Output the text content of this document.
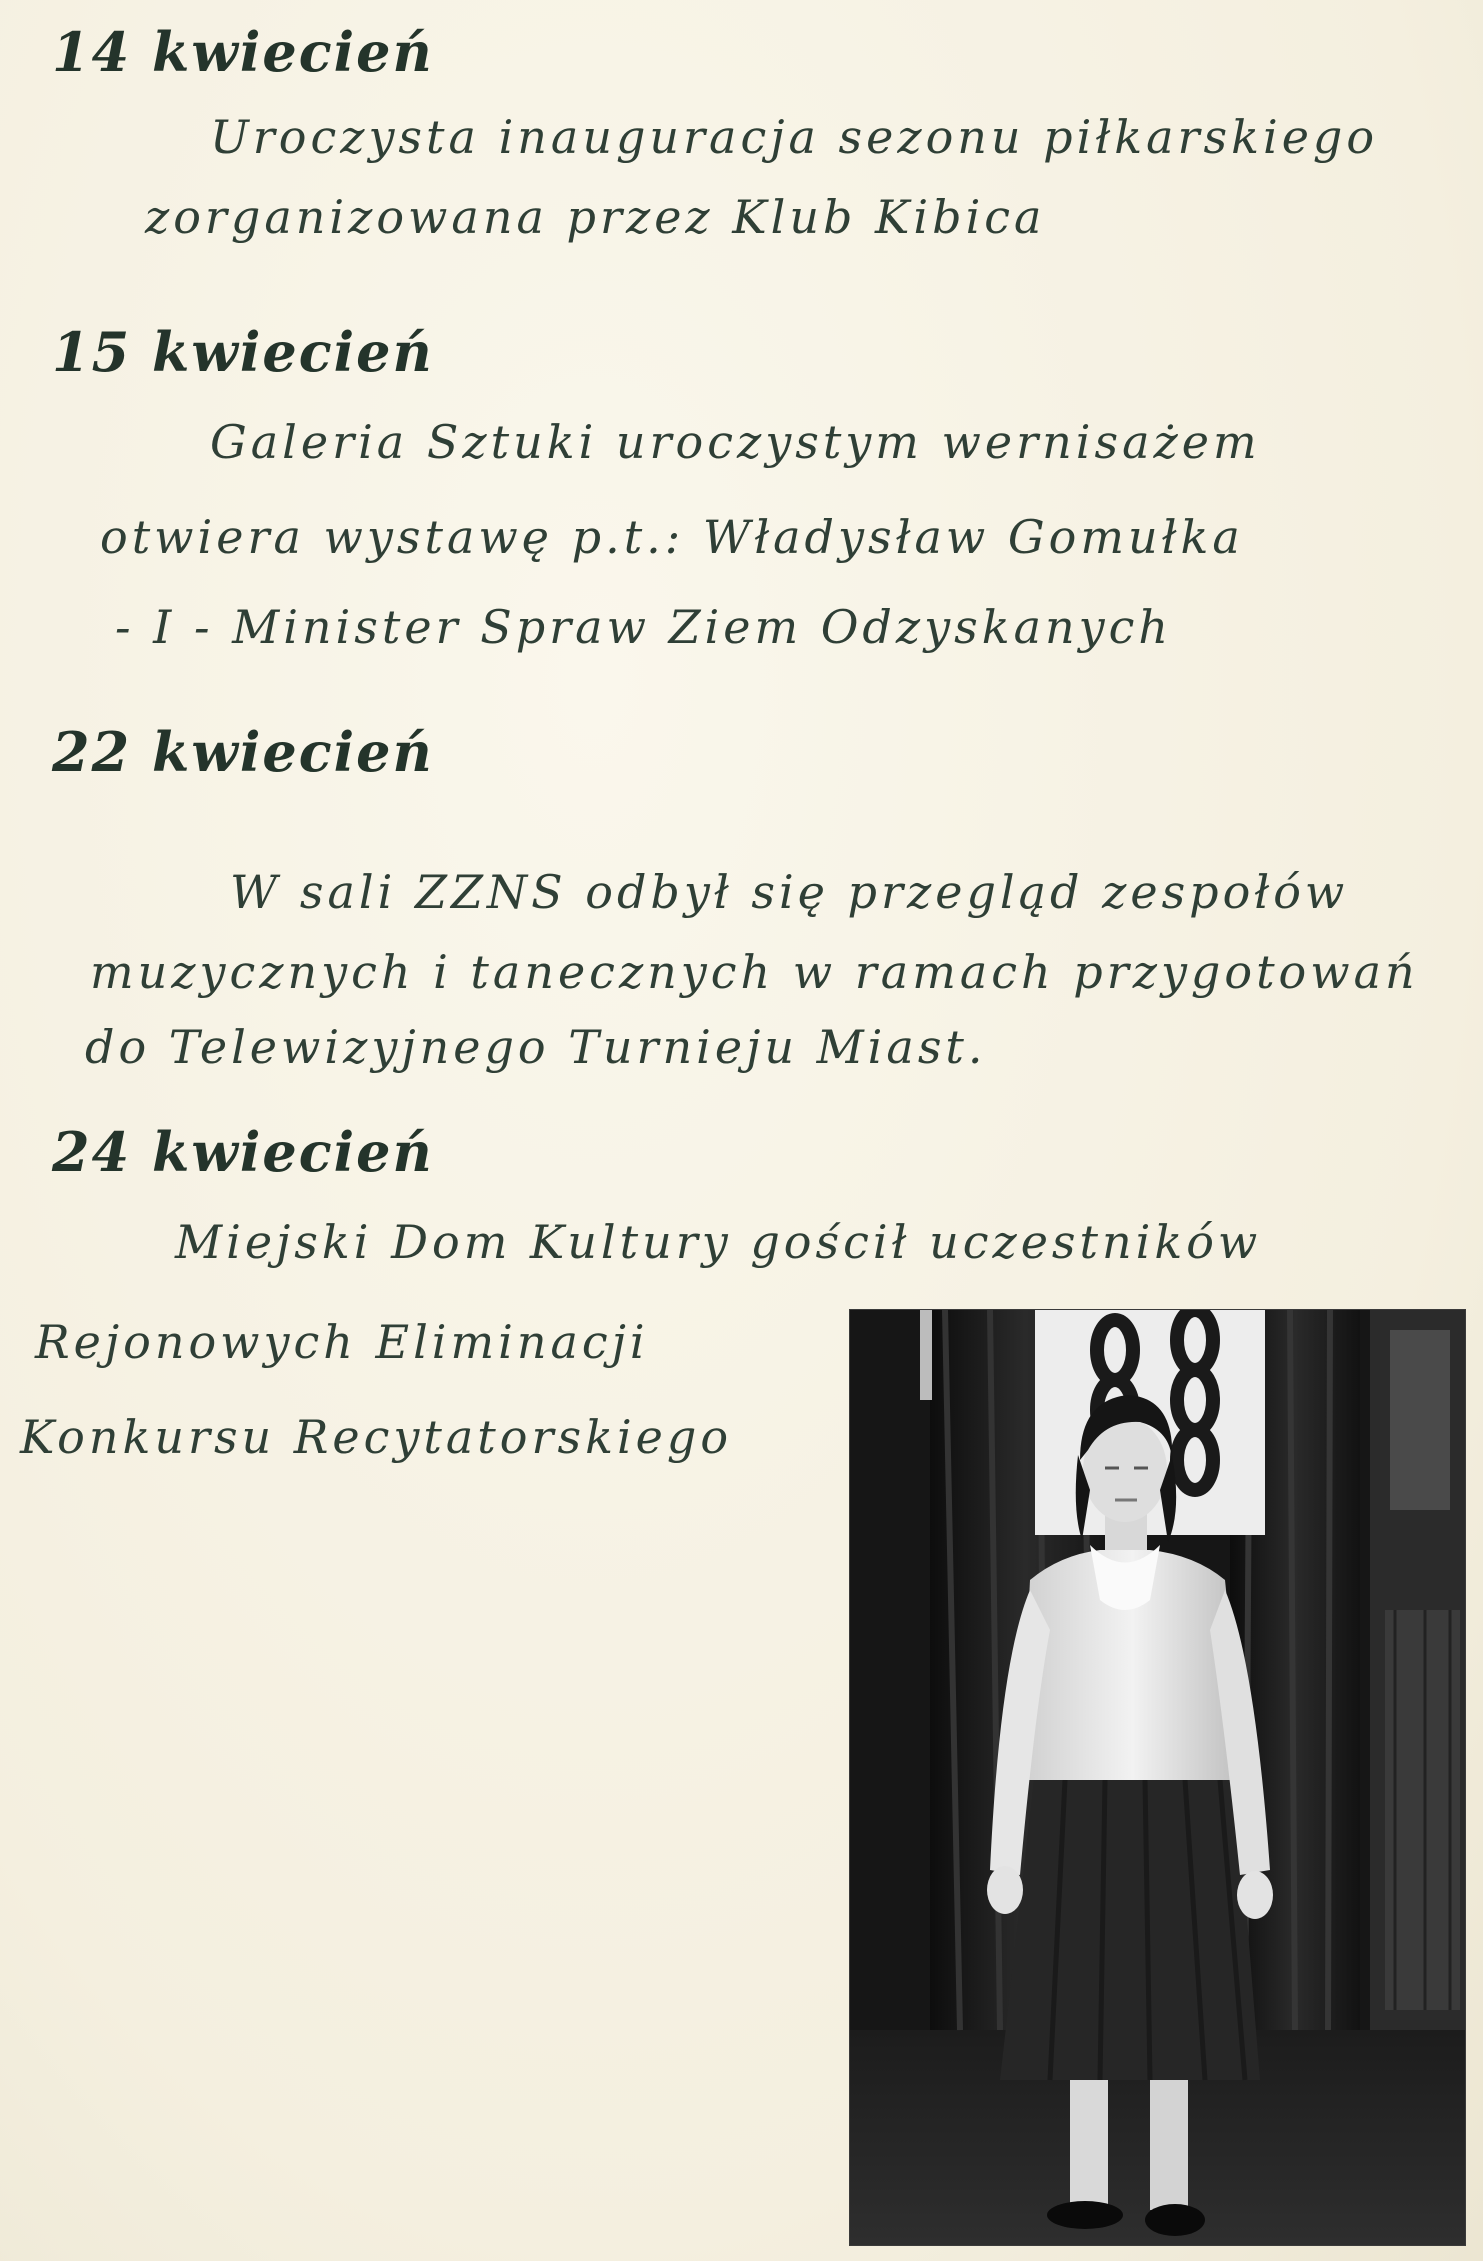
14 kwiecień
Uroczysta inauguracja sezonu piłkarskiego
zorganizowana przez Klub Kibica
15 kwiecień
Galeria Sztuki uroczystym wernisażem
otwiera wystawę p.t.: Władysław Gomułka
- I - Minister Spraw Ziem Odzyskanych
22 kwiecień
W sali ZZNS odbył się przegląd zespołów
muzycznych i tanecznych w ramach przygotowań
do Telewizyjnego Turnieju Miast.
24 kwiecień
Miejski Dom Kultury gościł uczestników
Rejonowych Eliminacji
Konkursu Recytatorskiego
